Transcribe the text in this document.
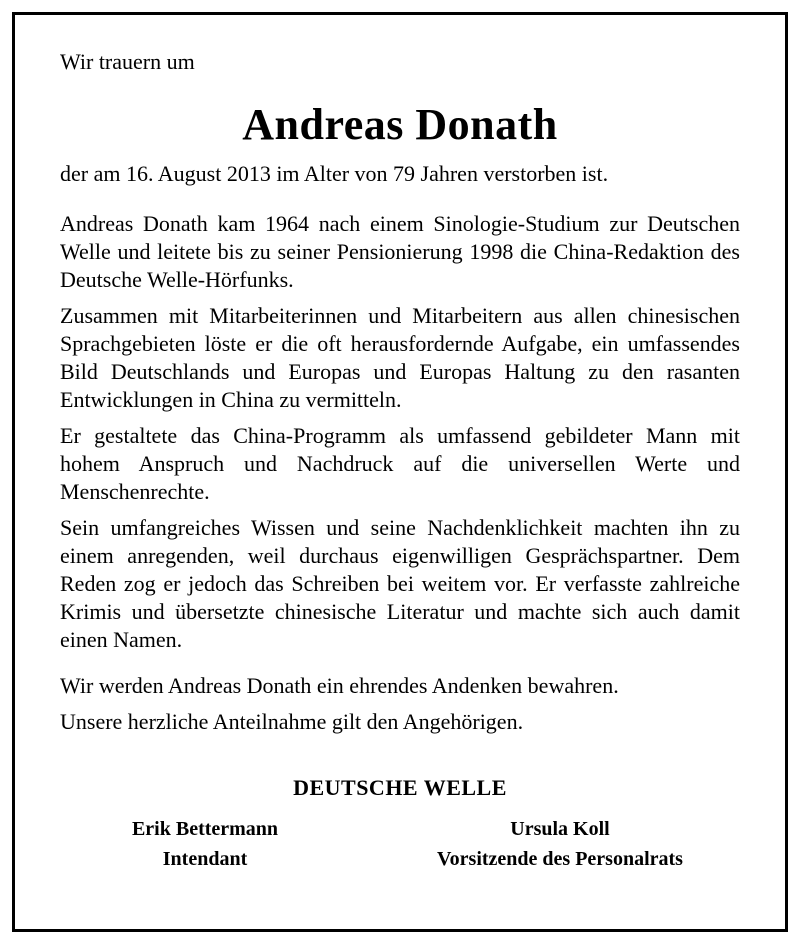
Wir trauern um

Andreas Donath

der am 16. August 2013 im Alter von 79 Jahren verstorben ist.

Andreas Donath kam 1964 nach einem Sinologie-Studium zur Deutschen Welle und leitete bis zu seiner Pensionierung 1998 die China-Redaktion des Deutsche Welle-Hörfunks.

Zusammen mit Mitarbeiterinnen und Mitarbeitern aus allen chinesischen Sprachgebieten löste er die oft herausfordernde Aufgabe, ein umfassendes Bild Deutschlands und Europas und Europas Haltung zu den rasanten Entwicklungen in China zu vermitteln.

Er gestaltete das China-Programm als umfassend gebildeter Mann mit hohem Anspruch und Nachdruck auf die universellen Werte und Menschenrechte.

Sein umfangreiches Wissen und seine Nachdenklichkeit machten ihn zu einem anregenden, weil durchaus eigenwilligen Gesprächspartner. Dem Reden zog er jedoch das Schreiben bei weitem vor. Er verfasste zahlreiche Krimis und übersetzte chinesische Literatur und machte sich auch damit einen Namen.

Wir werden Andreas Donath ein ehrendes Andenken bewahren.

Unsere herzliche Anteilnahme gilt den Angehörigen.

DEUTSCHE WELLE
Erik Bettermann
Intendant
Ursula Koll
Vorsitzende des Personalrats
